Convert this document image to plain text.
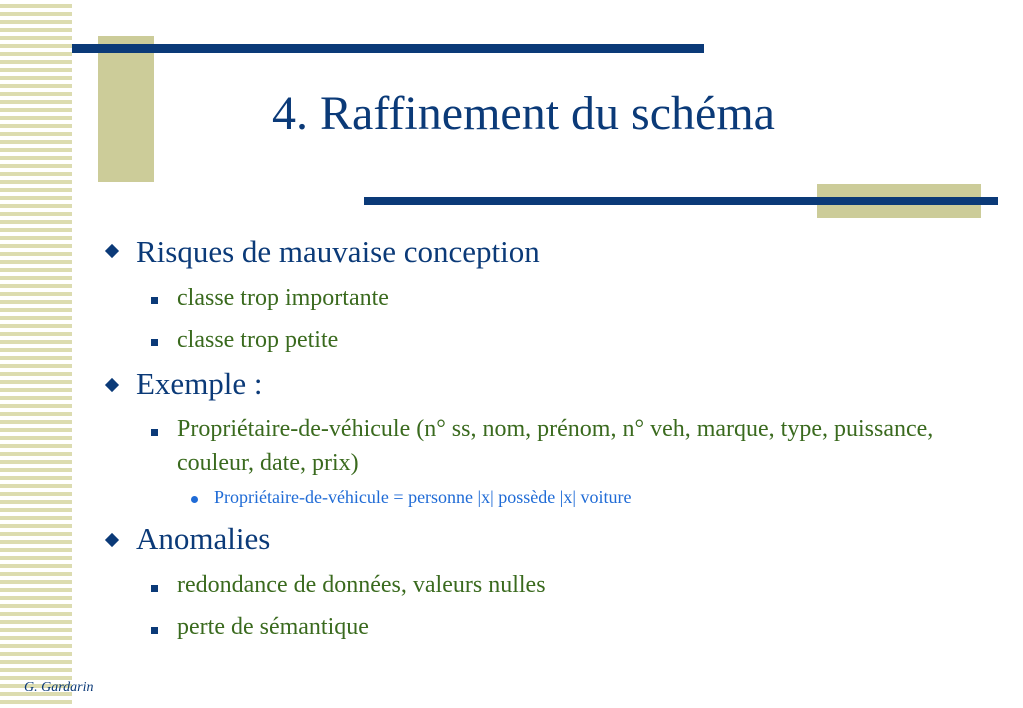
4. Raffinement du schéma

Risques de mauvaise conception

classe trop importante

classe trop petite

Exemple :

Propriétaire-de-véhicule (n° ss, nom, prénom, n° veh, marque, type, puissance, couleur, date, prix)

Propriétaire-de-véhicule = personne |x| possède |x| voiture

Anomalies

redondance de données, valeurs nulles

perte de sémantique

G. Gardarin
